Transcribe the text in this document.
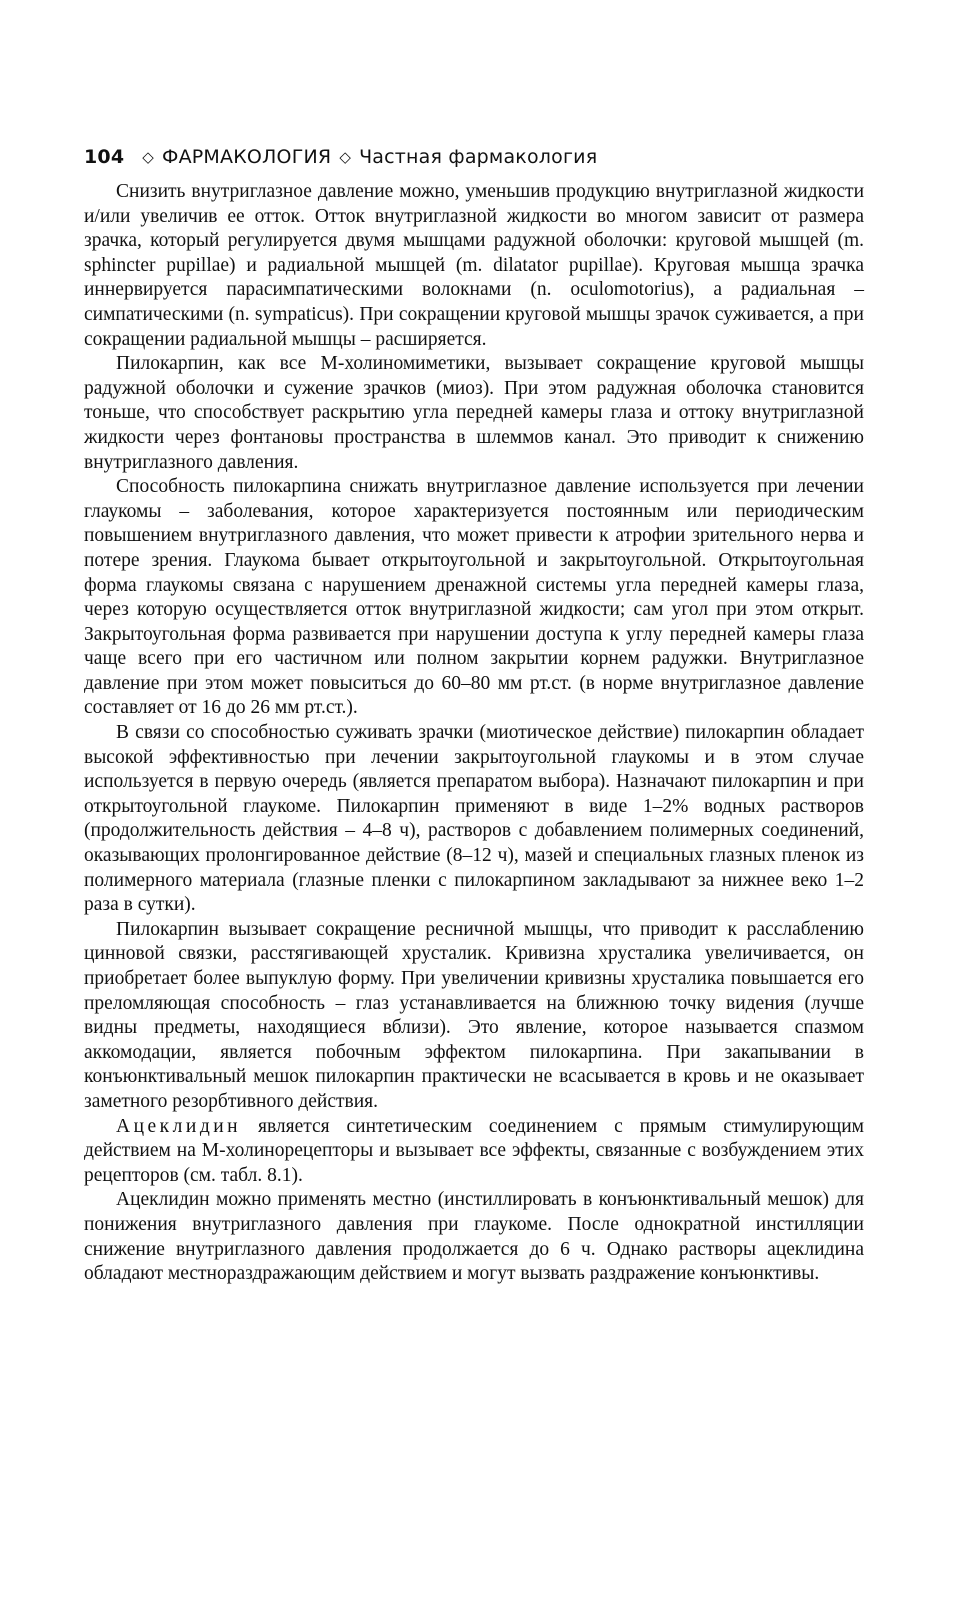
104 ◇ ФАРМАКОЛОГИЯ ◇ Частная фармакология

Снизить внутриглазное давление можно, уменьшив продукцию внутриглазной жидкости и/или увеличив ее отток. Отток внутриглазной жидкости во многом зависит от размера зрачка, который регулируется двумя мышцами радужной оболочки: круговой мышцей (m. sphincter pupillae) и радиальной мышцей (m. dilatator pupillae). Круговая мышца зрачка иннервируется парасимпатическими волокнами (n. oculomotorius), а радиальная – симпатическими (n. sympaticus). При сокращении круговой мышцы зрачок суживается, а при сокращении радиальной мышцы – расширяется.

Пилокарпин, как все М-холиномиметики, вызывает сокращение круговой мышцы радужной оболочки и сужение зрачков (миоз). При этом радужная оболочка становится тоньше, что способствует раскрытию угла передней камеры глаза и оттоку внутриглазной жидкости через фонтановы пространства в шлеммов канал. Это приводит к снижению внутриглазного давления.

Способность пилокарпина снижать внутриглазное давление используется при лечении глаукомы – заболевания, которое характеризуется постоянным или периодическим повышением внутриглазного давления, что может привести к атрофии зрительного нерва и потере зрения. Глаукома бывает открытоугольной и закрытоугольной. Открытоугольная форма глаукомы связана с нарушением дренажной системы угла передней камеры глаза, через которую осуществляется отток внутриглазной жидкости; сам угол при этом открыт. Закрытоугольная форма развивается при нарушении доступа к углу передней камеры глаза чаще всего при его частичном или полном закрытии корнем радужки. Внутриглазное давление при этом может повыситься до 60–80 мм рт.ст. (в норме внутриглазное давление составляет от 16 до 26 мм рт.ст.).

В связи со способностью суживать зрачки (миотическое действие) пилокарпин обладает высокой эффективностью при лечении закрытоугольной глаукомы и в этом случае используется в первую очередь (является препаратом выбора). Назначают пилокарпин и при открытоугольной глаукоме. Пилокарпин применяют в виде 1–2% водных растворов (продолжительность действия – 4–8 ч), растворов с добавлением полимерных соединений, оказывающих пролонгированное действие (8–12 ч), мазей и специальных глазных пленок из полимерного материала (глазные пленки с пилокарпином закладывают за нижнее веко 1–2 раза в сутки).

Пилокарпин вызывает сокращение ресничной мышцы, что приводит к расслаблению цинновой связки, расстягивающей хрусталик. Кривизна хрусталика увеличивается, он приобретает более выпуклую форму. При увеличении кривизны хрусталика повышается его преломляющая способность – глаз устанавливается на ближнюю точку видения (лучше видны предметы, находящиеся вблизи). Это явление, которое называется спазмом аккомодации, является побочным эффектом пилокарпина. При закапывании в конъюнктивальный мешок пилокарпин практически не всасывается в кровь и не оказывает заметного резорбтивного действия.

Ацеклидин является синтетическим соединением с прямым стимулирующим действием на М-холинорецепторы и вызывает все эффекты, связанные с возбуждением этих рецепторов (см. табл. 8.1).

Ацеклидин можно применять местно (инстиллировать в конъюнктивальный мешок) для понижения внутриглазного давления при глаукоме. После однократной инстилляции снижение внутриглазного давления продолжается до 6 ч. Однако растворы ацеклидина обладают местнораздражающим действием и могут вызвать раздражение конъюнктивы.
